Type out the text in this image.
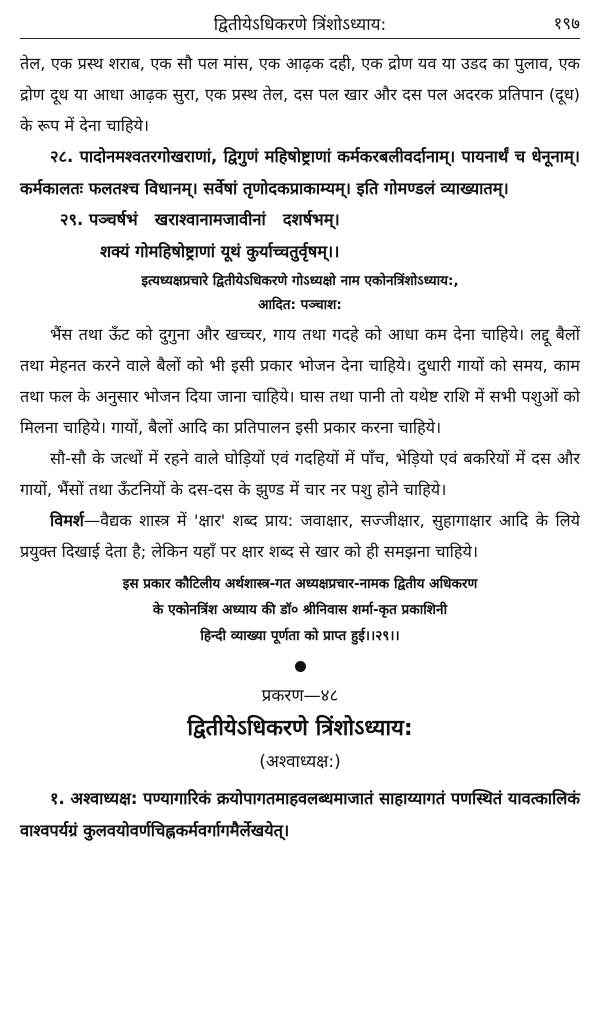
द्वितीयेऽधिकरणे त्रिंशोऽध्याय:	१९७

तेल, एक प्रस्थ शराब, एक सौ पल मांस, एक आढ़क दही, एक द्रोण यव या उडद का पुलाव, एक द्रोण दूध या आधा आढ़क सुरा, एक प्रस्थ तेल, दस पल खार और दस पल अदरक प्रतिपान (दूध) के रूप में देना चाहिये।

२८. पादोनमश्वतरगोखराणां, द्विगुणं महिषोष्ट्राणां कर्मकरबलीवर्दानाम्। पायनार्थं च धेनूनाम्। कर्मकालतः फलतश्च विधानम्। सर्वेषां तृणोदकप्राकाम्यम्। इति गोमण्डलं व्याख्यातम्।

२९. पञ्चर्षभं   खराश्वानामजावीनां   दशर्षभम्।
शक्यं गोमहिषोष्ट्राणां यूथं कुर्याच्चतुर्वृषम्।।
इत्यध्यक्षप्रचारे द्वितीयेऽधिकरणे गोऽध्यक्षो नाम एकोनत्रिंशोऽध्याय:,
आदित: पञ्चाश:

भैंस तथा ऊँट को दुगुना और खच्चर, गाय तथा गदहे को आधा कम देना चाहिये। लद्दू बैलों तथा मेहनत करने वाले बैलों को भी इसी प्रकार भोजन देना चाहिये। दुधारी गायों को समय, काम तथा फल के अनुसार भोजन दिया जाना चाहिये। घास तथा पानी तो यथेष्ट राशि में सभी पशुओं को मिलना चाहिये। गायों, बैलों आदि का प्रतिपालन इसी प्रकार करना चाहिये।

सौ-सौ के जत्थों में रहने वाले घोड़ियों एवं गदहियों में पाँच, भेड़ियो एवं बकरियों में दस और गायों, भैंसों तथा ऊँटनियों के दस-दस के झुण्ड में चार नर पशु होने चाहिये।

विमर्श—वैद्यक शास्त्र में 'क्षार' शब्द प्राय: जवाक्षार, सज्जीक्षार, सुहागाक्षार आदि के लिये प्रयुक्त दिखाई देता है; लेकिन यहाँ पर क्षार शब्द से खार को ही समझना चाहिये।

इस प्रकार कौटिलीय अर्थशास्त्र-गत अध्यक्षप्रचार-नामक द्वितीय अधिकरण
के एकोनत्रिंश अध्याय की डॉ० श्रीनिवास शर्मा-कृत प्रकाशिनी
हिन्दी व्याख्या पूर्णता को प्राप्त हुई।।२९।।
प्रकरण—४८
द्वितीयेऽधिकरणे त्रिंशोऽध्याय:
(अश्वाध्यक्ष:)

१. अश्वाध्यक्ष: पण्यागारिकं क्रयोपागतमाहवलब्धमाजातं साहाय्यागतं पणस्थितं यावत्कालिकं वाश्वपर्यग्रं कुलवयोवर्णचिह्नकर्मवर्गागमैर्लेखयेत्।
